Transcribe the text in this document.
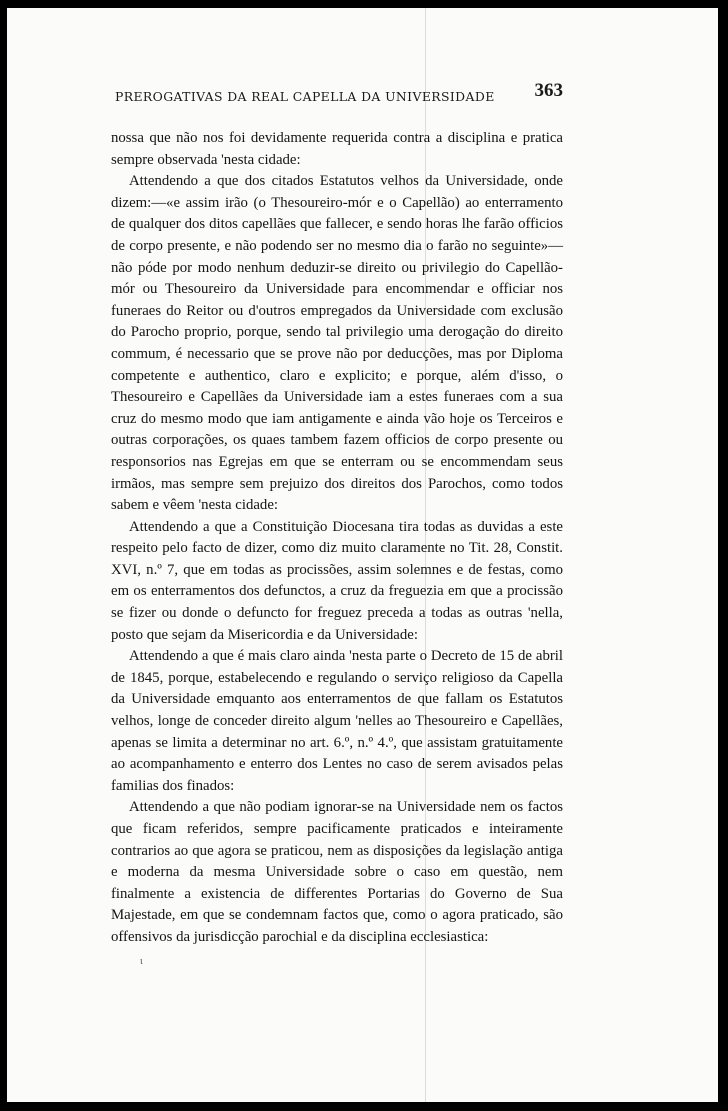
PREROGATIVAS DA REAL CAPELLA DA UNIVERSIDADE 363

nossa que não nos foi devidamente requerida contra a disciplina e pratica sempre observada 'nesta cidade:

Attendendo a que dos citados Estatutos velhos da Universidade, onde dizem:—«e assim irão (o Thesoureiro-mór e o Capellão) ao enterramento de qualquer dos ditos capellães que fallecer, e sendo horas lhe farão officios de corpo presente, e não podendo ser no mesmo dia o farão no seguinte»—não póde por modo nenhum deduzir-se direito ou privilegio do Capellão-mór ou Thesoureiro da Universidade para encommendar e officiar nos funeraes do Reitor ou d'outros empregados da Universidade com exclusão do Parocho proprio, porque, sendo tal privilegio uma derogação do direito commum, é necessario que se prove não por deducções, mas por Diploma competente e authentico, claro e explicito; e porque, além d'isso, o Thesoureiro e Capellães da Universidade iam a estes funeraes com a sua cruz do mesmo modo que iam antigamente e ainda vão hoje os Terceiros e outras corporações, os quaes tambem fazem officios de corpo presente ou responsorios nas Egrejas em que se enterram ou se encommendam seus irmãos, mas sempre sem prejuizo dos direitos dos Parochos, como todos sabem e vêem 'nesta cidade:

Attendendo a que a Constituição Diocesana tira todas as duvidas a este respeito pelo facto de dizer, como diz muito claramente no Tit. 28, Constit. XVI, n.º 7, que em todas as procissões, assim solemnes e de festas, como em os enterramentos dos defunctos, a cruz da freguezia em que a procissão se fizer ou donde o defuncto for freguez preceda a todas as outras 'nella, posto que sejam da Misericordia e da Universidade:

Attendendo a que é mais claro ainda 'nesta parte o Decreto de 15 de abril de 1845, porque, estabelecendo e regulando o serviço religioso da Capella da Universidade emquanto aos enterramentos de que fallam os Estatutos velhos, longe de conceder direito algum 'nelles ao Thesoureiro e Capellães, apenas se limita a determinar no art. 6.º, n.º 4.º, que assistam gratuitamente ao acompanhamento e enterro dos Lentes no caso de serem avisados pelas familias dos finados:

Attendendo a que não podiam ignorar-se na Universidade nem os factos que ficam referidos, sempre pacificamente praticados e inteiramente contrarios ao que agora se praticou, nem as disposições da legislação antiga e moderna da mesma Universidade sobre o caso em questão, nem finalmente a existencia de differentes Portarias do Governo de Sua Majestade, em que se condemnam factos que, como o agora praticado, são offensivos da jurisdicção parochial e da disciplina ecclesiastica:

ι
